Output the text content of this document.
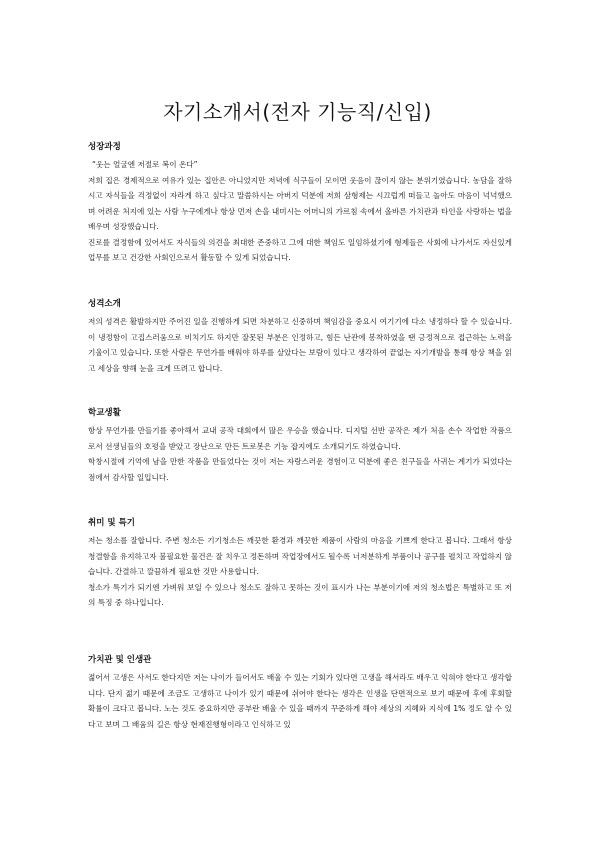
자기소개서(전자 기능직/신입)
성장과정
“웃는 얼굴엔 저절로 복이 온다”
저희 집은 경제적으로 여유가 있는 집안은 아니었지만 저녁에 식구들이 모이면 웃음이 끊이지 않는 분위기였습니다. 농담을 잘하시고 자식들을 걱정없이 자라게 하고 싶다고 말씀하시는 아버지 덕분에 저희 삼형제는 시끄럽게 떠들고 놀아도 마음이 넉넉했으며 어려운 처지에 있는 사람 누구에게나 항상 먼저 손을 내미시는 어머니의 가르침 속에서 올바른 가치관과 타인을 사랑하는 법을 배우며 성장했습니다.
진로를 결정함에 있어서도 자식들의 의견을 최대한 존중하고 그에 대한 책임도 일임하셨기에 형제들은 사회에 나가서도 자신있게 업무를 보고 건강한 사회인으로서 활동할 수 있게 되었습니다.
성격소개
저의 성격은 활발하지만 주어진 일을 진행하게 되면 차분하고 신중하며 책임감을 중요시 여기기에 다소 냉정하다 할 수 있습니다. 이 냉정함이 고집스러움으로 비치기도 하지만 잘못된 부분은 인정하고, 힘든 난관에 봉착하였을 땐 긍정적으로 접근하는 노력을 기울이고 있습니다. 또한 사람은 무언가를 배워야 하루를 살았다는 보람이 있다고 생각하여 끝없는 자기개발을 통해 항상 책을 읽고 세상을 향해 눈을 크게 뜨려고 합니다.
학교생활
항상 무언가를 만들기를 좋아해서 교내 공작 대회에서 많은 우승을 했습니다. 디지털 선반 공작은 제가 처음 손수 작업한 작품으로서 선생님들의 호평을 받았고 장난으로 만든 트로봇은 기능 잡지에도 소개되기도 하였습니다.
학창시절에 기억에 남을 만한 작품을 만들었다는 것이 저는 자랑스러운 경험이고 덕분에 좋은 친구들을 사귀는 계기가 되었다는 점에서 감사할 일입니다.
취미 및 특기
저는 청소를 잘합니다. 주변 청소든 기기청소든 깨끗한 환경과 깨끗한 제품이 사람의 마음을 기쁘게 한다고 봅니다. 그래서 항상 청결함을 유지하고자 불필요한 물건은 잘 치우고 정돈하며 작업장에서도 될수록 너저분하게 부품이나 공구를 펼치고 작업하지 않습니다. 간결하고 깔끔하게 필요한 것만 사용합니다.
청소가 특기가 되기엔 가벼워 보일 수 있으나 청소도 잘하고 못하는 것이 표시가 나는 부분이기에 저의 청소법은 특별하고 또 저의 특징 중 하나입니다.
가치관 및 인생관
젊어서 고생은 사서도 한다지만 저는 나이가 들어서도 배울 수 있는 기회가 있다면 고생을 해서라도 배우고 익혀야 한다고 생각합니다. 단지 젊기 때문에 조금도 고생하고 나이가 있기 때문에 쉬어야 한다는 생각은 인생을 단면적으로 보기 때문에 후에 후회할 확률이 크다고 봅니다. 노는 것도 중요하지만 공부란 배울 수 있을 때까지 꾸준하게 해야 세상의 지혜와 지식에 1% 정도 알 수 있다고 보며 그 배움의 길은 항상 현재진행형이라고 인식하고 있
